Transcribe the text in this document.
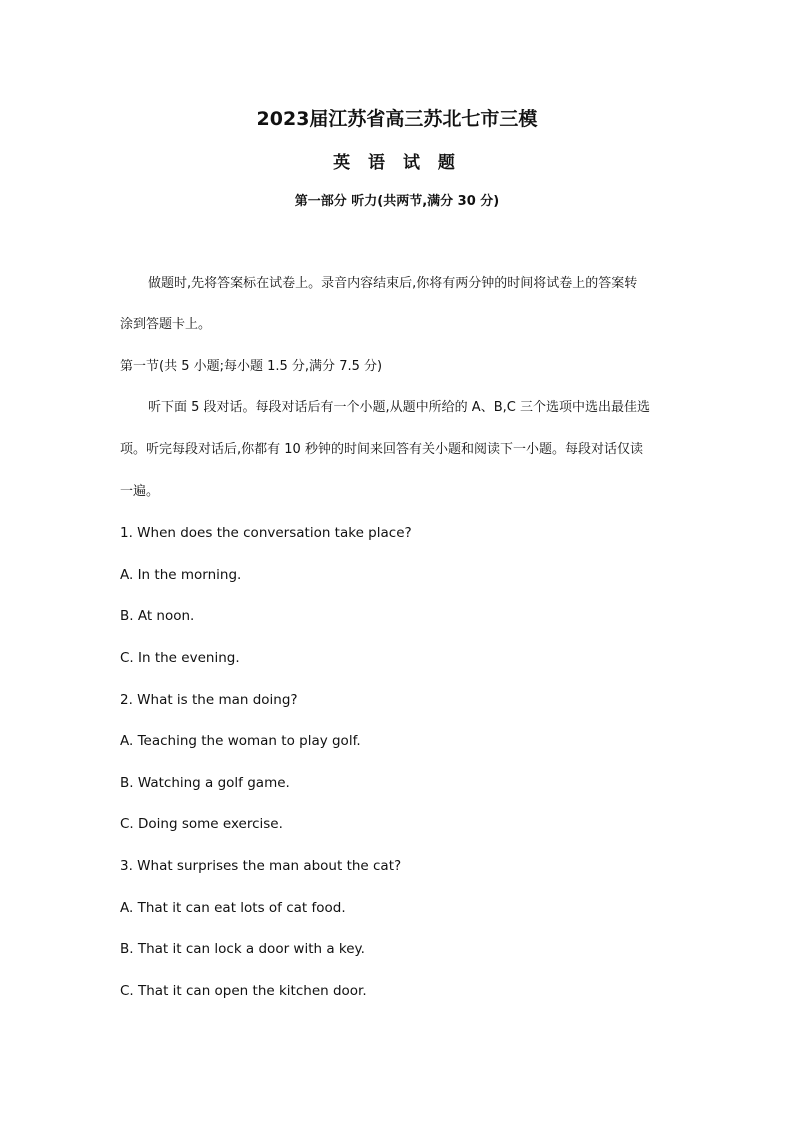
2023届江苏省高三苏北七市三模
英 语 试 题
第一部分 听力(共两节,满分 30 分)
做题时,先将答案标在试卷上。录音内容结束后,你将有两分钟的时间将试卷上的答案转
涂到答题卡上。
第一节(共 5 小题;每小题 1.5 分,满分 7.5 分)
听下面 5 段对话。每段对话后有一个小题,从题中所给的 A、B,C 三个选项中选出最佳选
项。听完每段对话后,你都有 10 秒钟的时间来回答有关小题和阅读下一小题。每段对话仅读
一遍。
1. When does the conversation take place?
A. In the morning.
B. At noon.
C. In the evening.
2. What is the man doing?
A. Teaching the woman to play golf.
B. Watching a golf game.
C. Doing some exercise.
3. What surprises the man about the cat?
A. That it can eat lots of cat food.
B. That it can lock a door with a key.
C. That it can open the kitchen door.
